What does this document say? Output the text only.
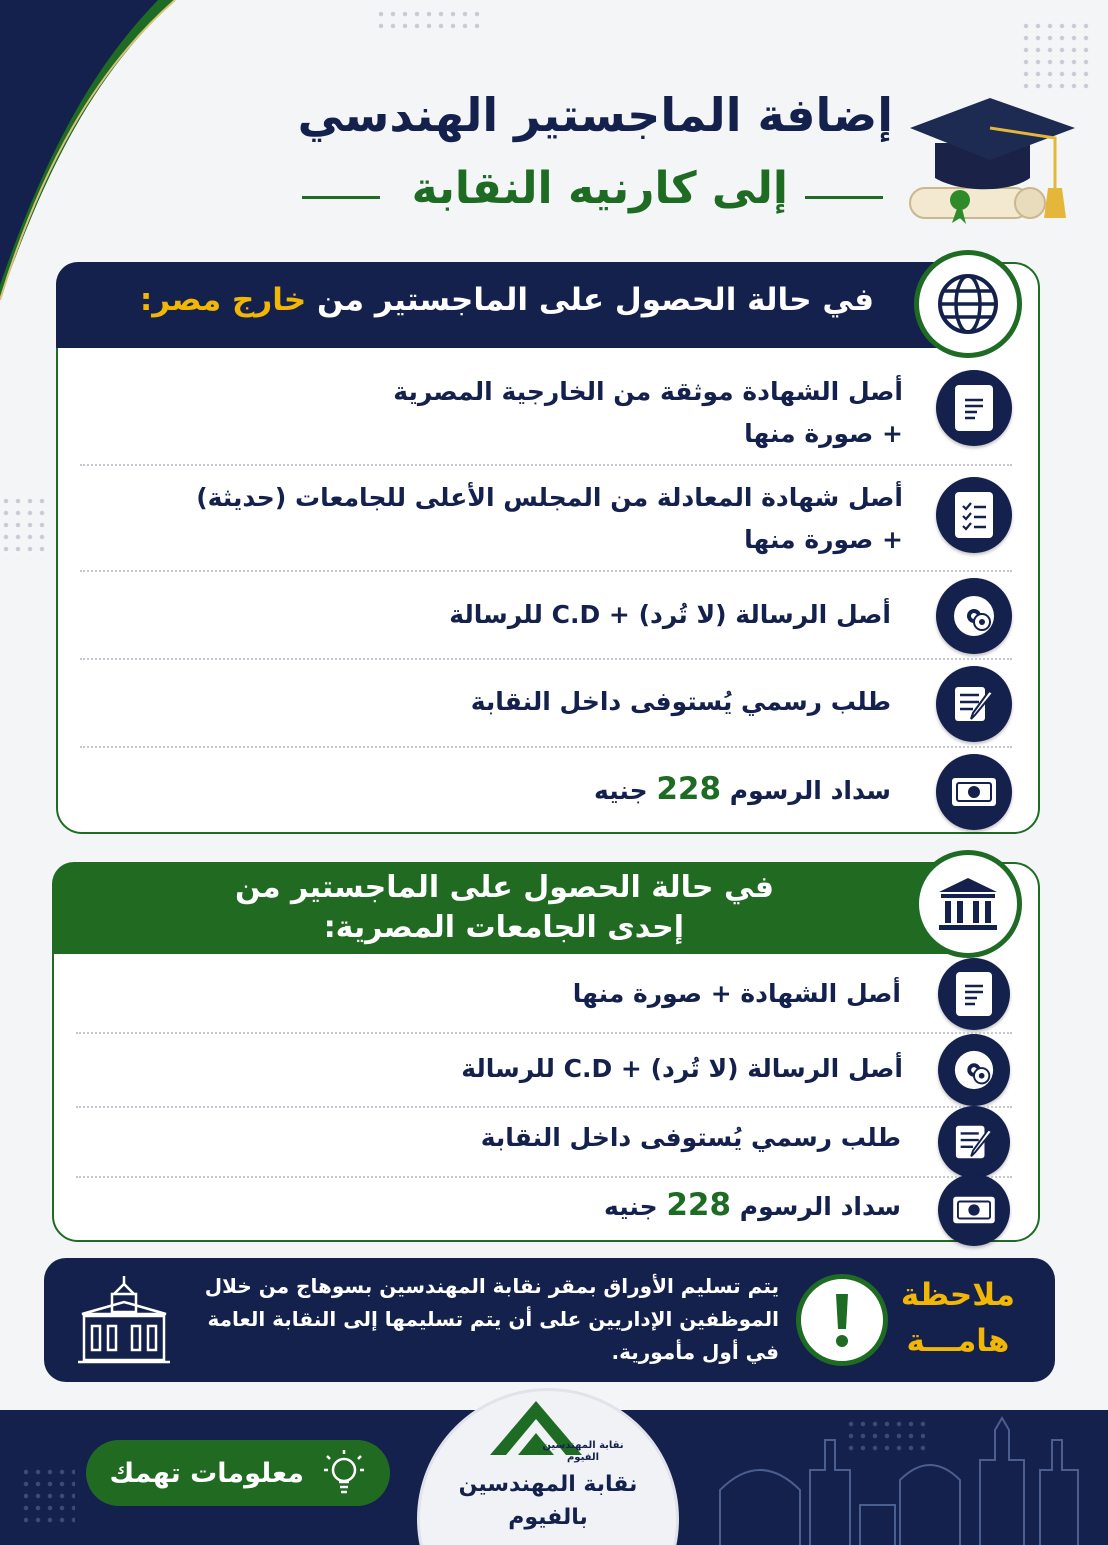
إضافة الماجستير الهندسي
إلى كارنيه النقابة
في حالة الحصول على الماجستير من خارج مصر:
أصل الشهادة موثقة من الخارجية المصرية
+ صورة منها
أصل شهادة المعادلة من المجلس الأعلى للجامعات (حديثة)
+ صورة منها
أصل الرسالة (لا تُرد) + C.D للرسالة
طلب رسمي يُستوفى داخل النقابة
سداد الرسوم 228 جنيه
في حالة الحصول على الماجستير من
إحدى الجامعات المصرية:
أصل الشهادة + صورة منها
أصل الرسالة (لا تُرد) + C.D للرسالة
طلب رسمي يُستوفى داخل النقابة
سداد الرسوم 228 جنيه
ملاحظة
هامـــة
يتم تسليم الأوراق بمقر نقابة المهندسين بسوهاج من خلال الموظفين الإداريين على أن يتم تسليمها إلى النقابة العامة في أول مأمورية.
معلومات تهمك
نقابة المهندسين
الفيوم
نقابة المهندسين
بالفيوم
